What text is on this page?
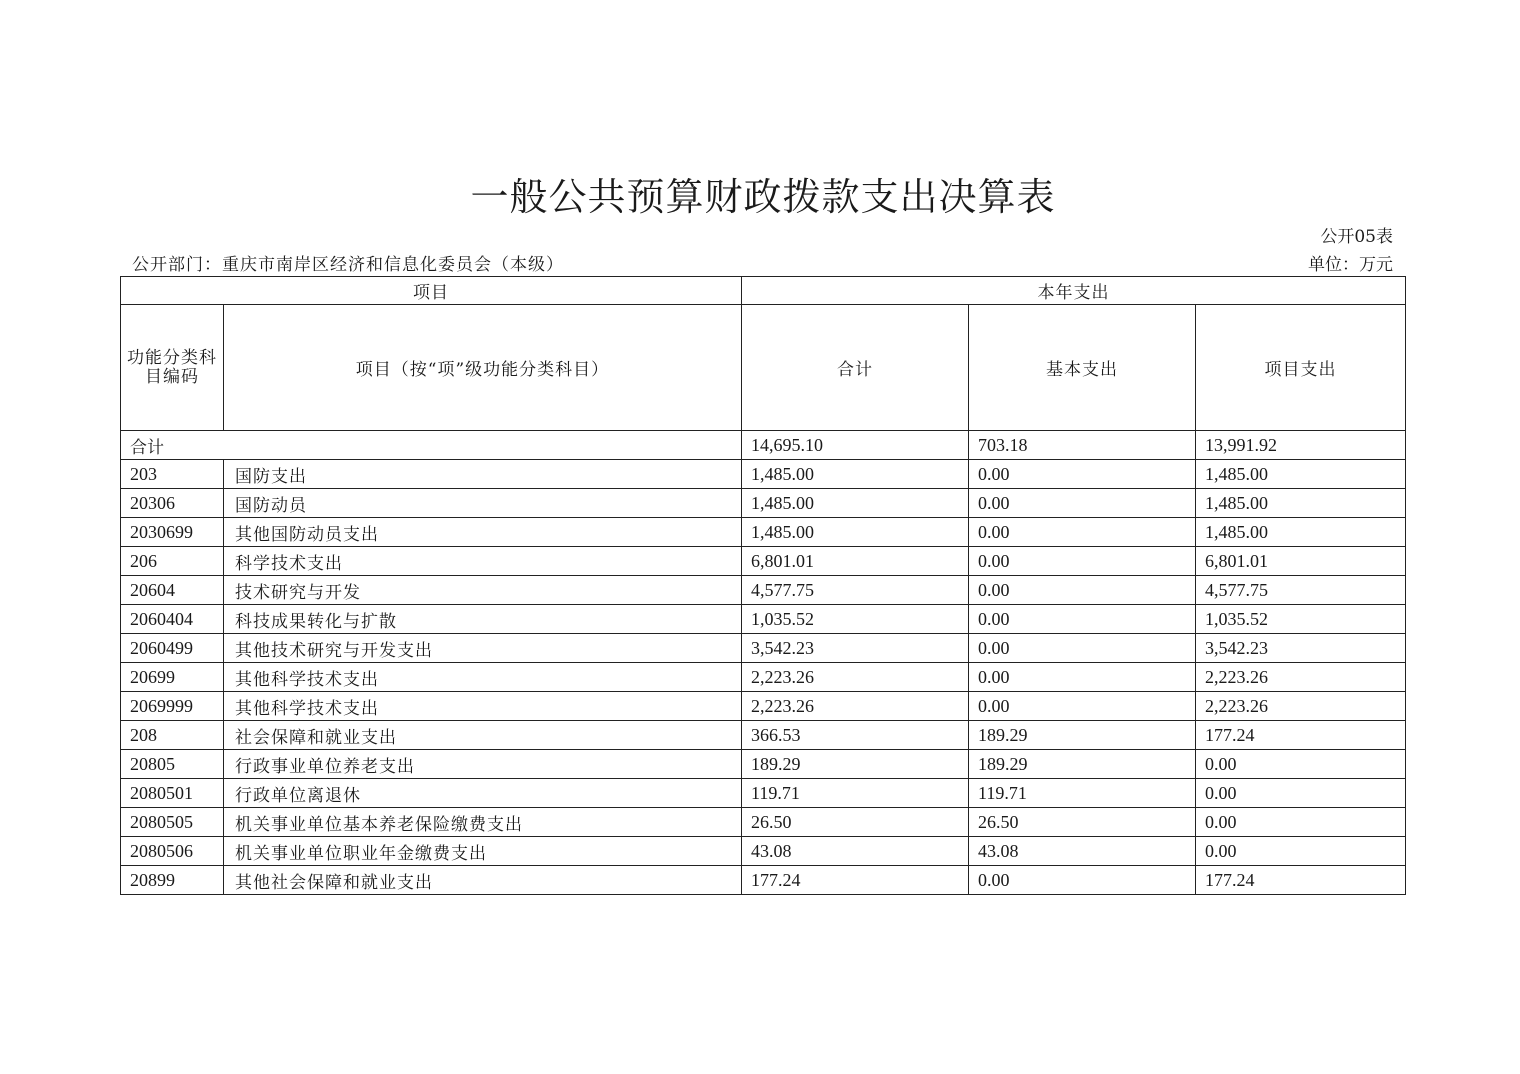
一般公共预算财政拨款支出决算表
公开05表
公开部门：重庆市南岸区经济和信息化委员会（本级）	单位：万元
项目		本年支出		
功能分类科目编码	项目（按“项”级功能分类科目）	合计	基本支出	项目支出
合计		14,695.10	703.18	13,991.92
203	国防支出	1,485.00	0.00	1,485.00
20306	国防动员	1,485.00	0.00	1,485.00
2030699	其他国防动员支出	1,485.00	0.00	1,485.00
206	科学技术支出	6,801.01	0.00	6,801.01
20604	技术研究与开发	4,577.75	0.00	4,577.75
2060404	科技成果转化与扩散	1,035.52	0.00	1,035.52
2060499	其他技术研究与开发支出	3,542.23	0.00	3,542.23
20699	其他科学技术支出	2,223.26	0.00	2,223.26
2069999	其他科学技术支出	2,223.26	0.00	2,223.26
208	社会保障和就业支出	366.53	189.29	177.24
20805	行政事业单位养老支出	189.29	189.29	0.00
2080501	行政单位离退休	119.71	119.71	0.00
2080505	机关事业单位基本养老保险缴费支出	26.50	26.50	0.00
2080506	机关事业单位职业年金缴费支出	43.08	43.08	0.00
20899	其他社会保障和就业支出	177.24	0.00	177.24
